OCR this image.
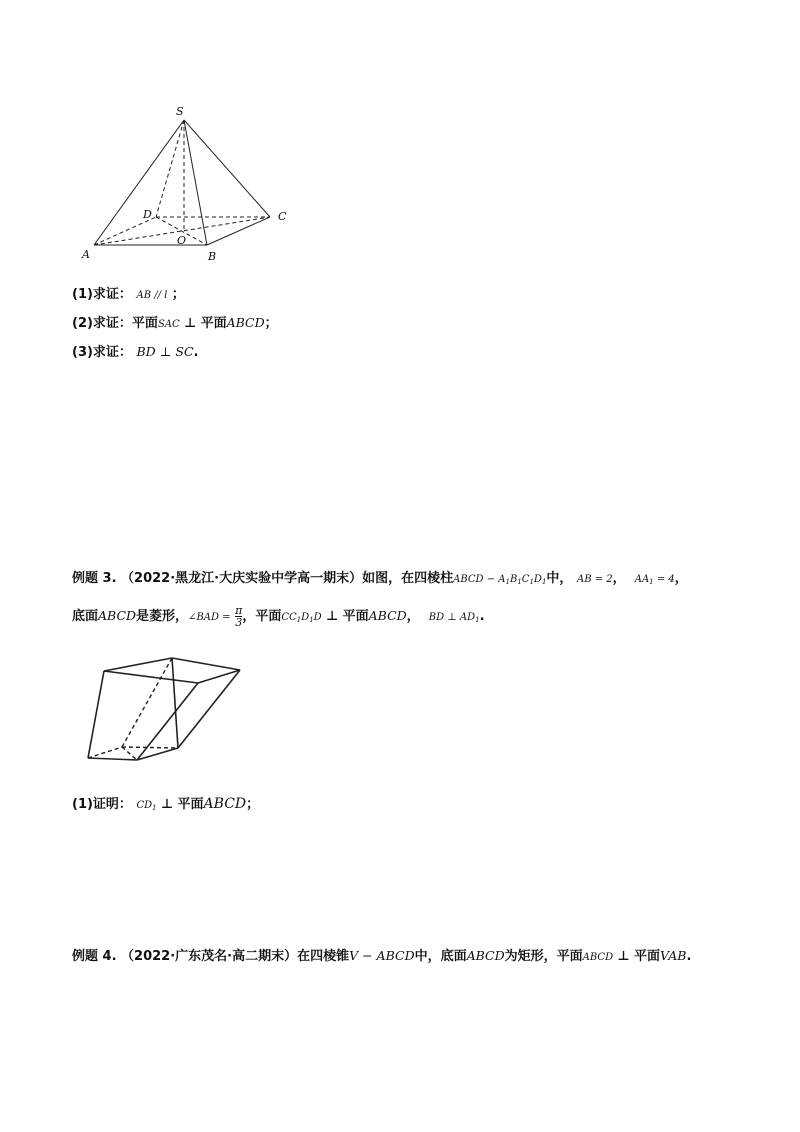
S
D	C
O
A	B
(1)求证： AB // l ；
(2)求证：平面SAC ⊥ 平面ABCD；
(3)求证： BD ⊥ SC.
例题 3. （2022·黑龙江·大庆实验中学高一期末）如图，在四棱柱ABCD − $A_1B_1C_1D_1$中， AB = 2， $AA_1 = 4$，
底面ABCD是菱形，∠BAD = $\frac{\pi}{3}$ ，平面$CC_1D_1D$ ⊥ 平面ABCD， BD ⊥ $AD_1$.
(1)证明： $CD_1$ ⊥ 平面ABCD；
例题 4. （2022·广东茂名·高二期末）在四棱锥V − ABCD中，底面ABCD为矩形，平面ABCD ⊥ 平面VAB.
